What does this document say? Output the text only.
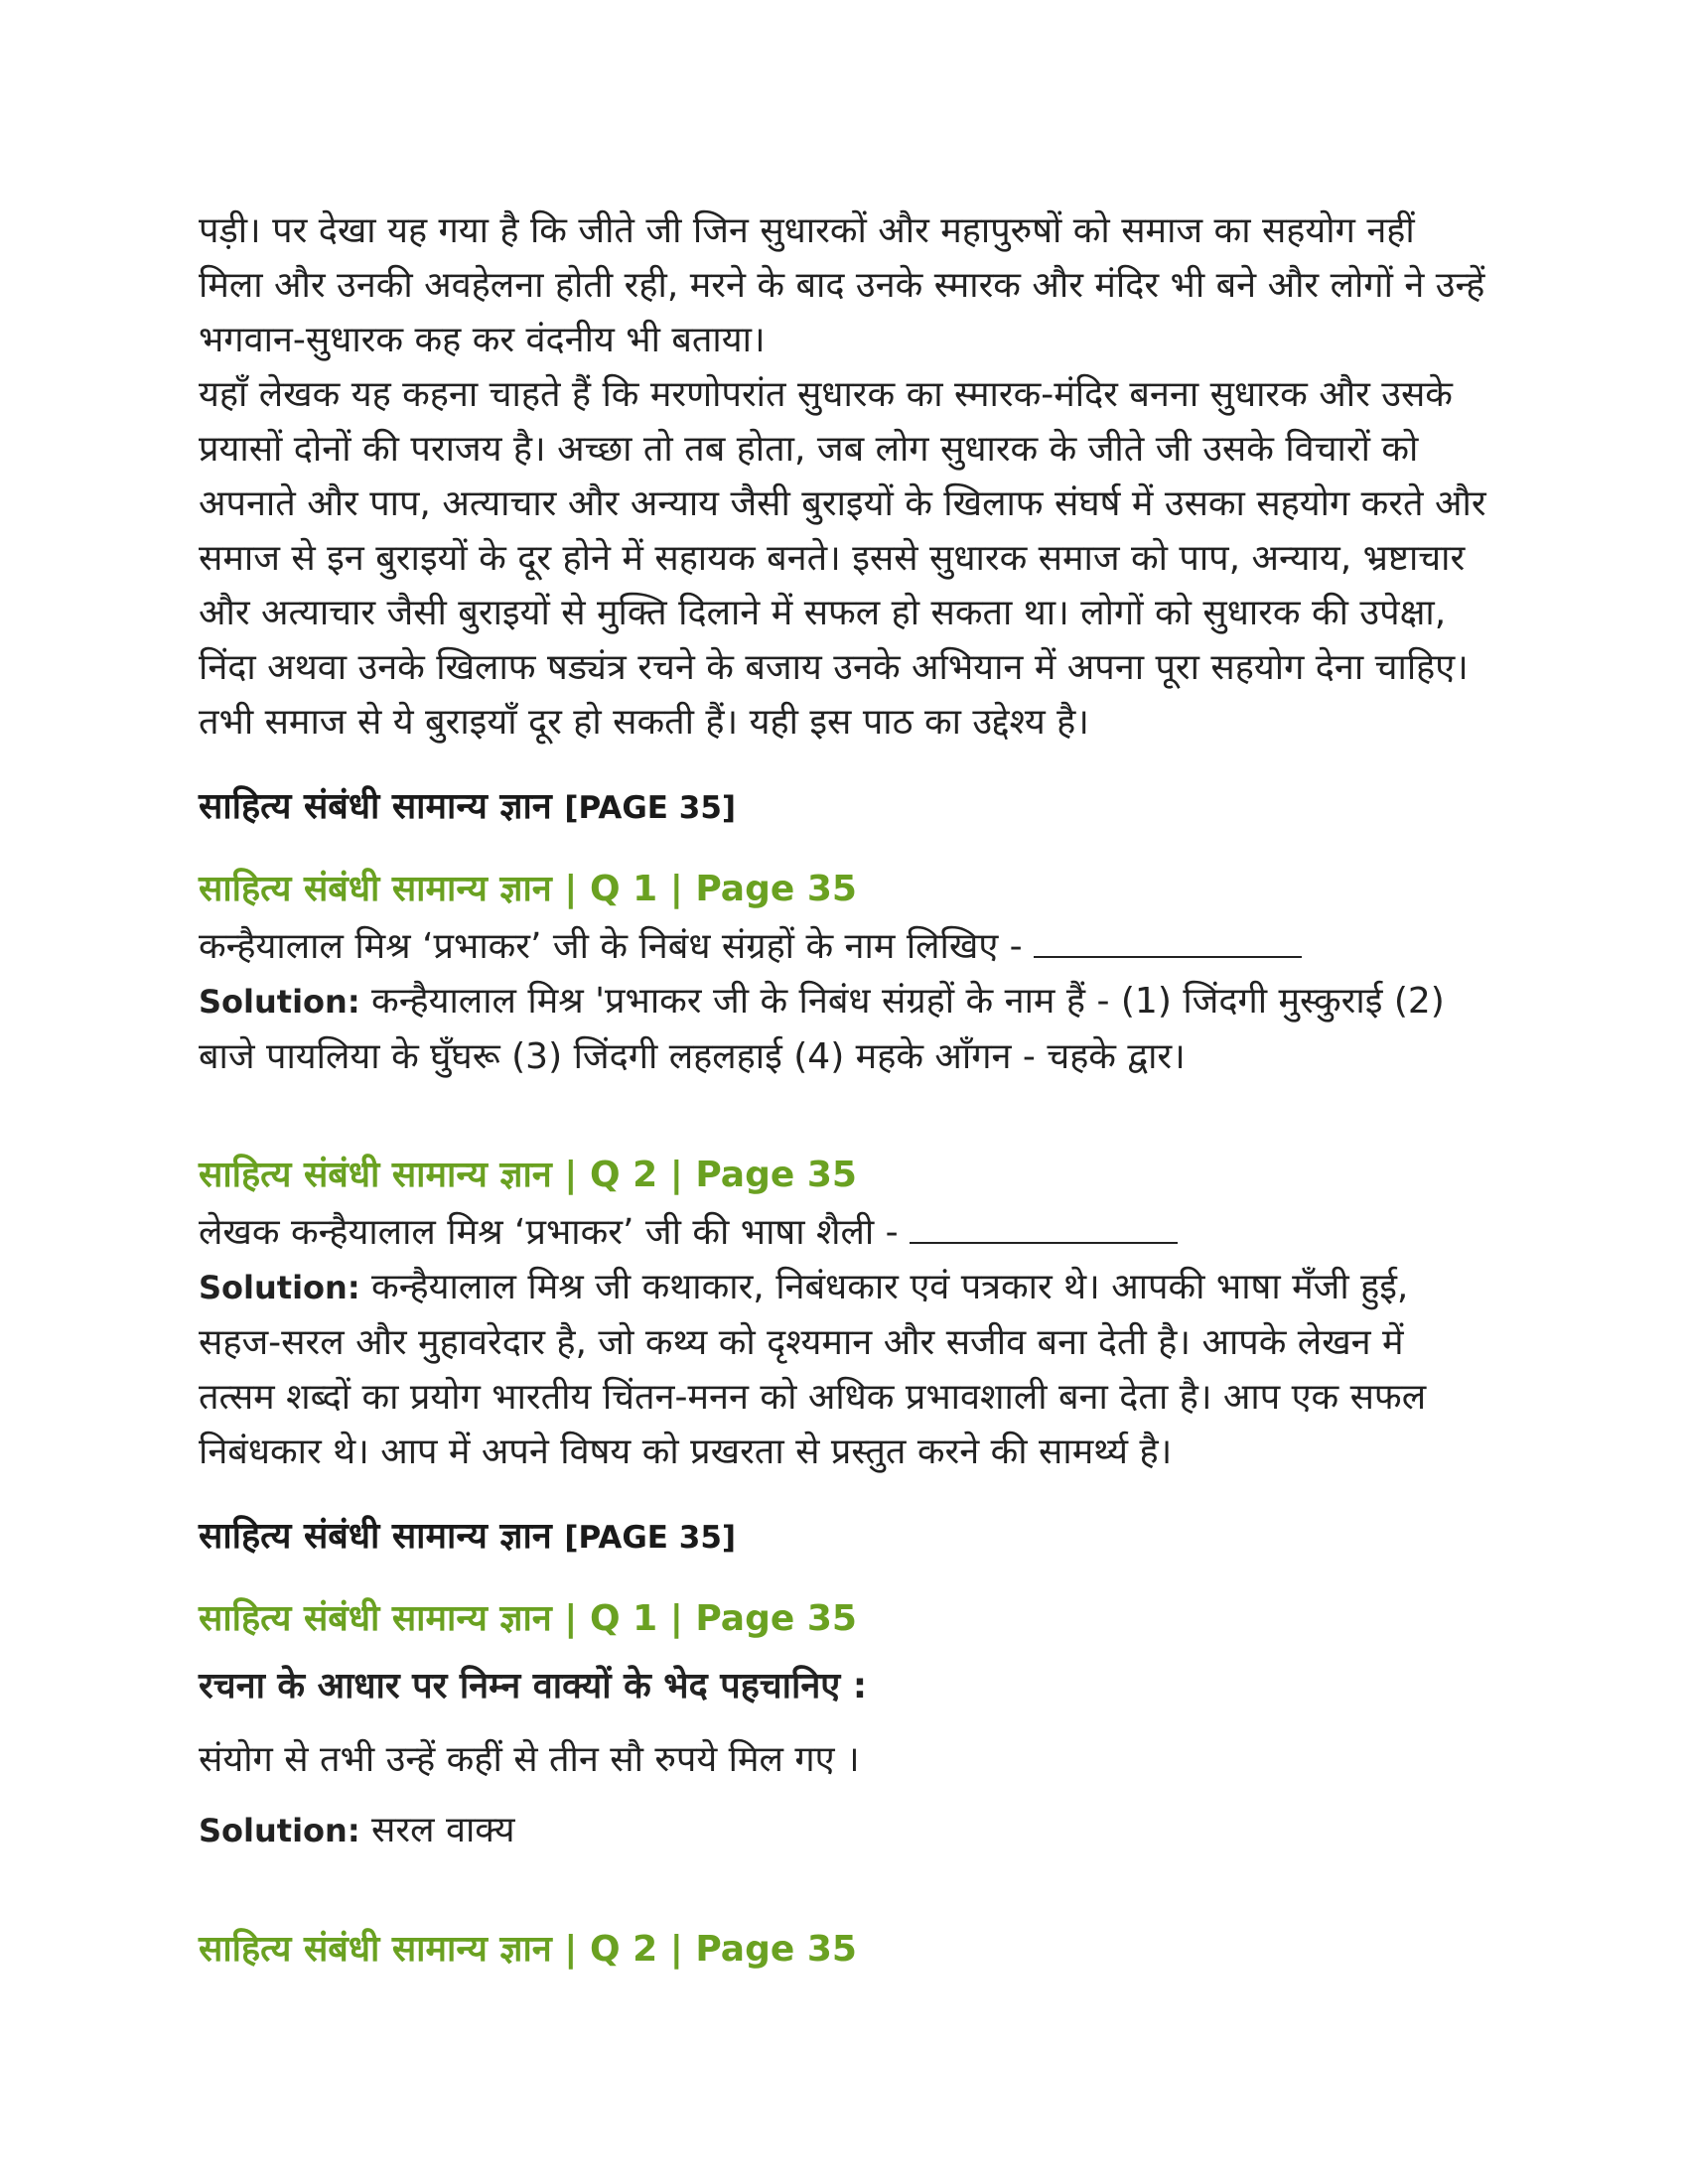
पड़ी। पर देखा यह गया है कि जीते जी जिन सुधारकों और महापुरुषों को समाज का सहयोग नहीं मिला और उनकी अवहेलना होती रही, मरने के बाद उनके स्मारक और मंदिर भी बने और लोगों ने उन्हें भगवान-सुधारक कह कर वंदनीय भी बताया।

यहाँ लेखक यह कहना चाहते हैं कि मरणोपरांत सुधारक का स्मारक-मंदिर बनना सुधारक और उसके प्रयासों दोनों की पराजय है। अच्छा तो तब होता, जब लोग सुधारक के जीते जी उसके विचारों को अपनाते और पाप, अत्याचार और अन्याय जैसी बुराइयों के खिलाफ संघर्ष में उसका सहयोग करते और समाज से इन बुराइयों के दूर होने में सहायक बनते। इससे सुधारक समाज को पाप, अन्याय, भ्रष्टाचार और अत्याचार जैसी बुराइयों से मुक्ति दिलाने में सफल हो सकता था। लोगों को सुधारक की उपेक्षा, निंदा अथवा उनके खिलाफ षड्यंत्र रचने के बजाय उनके अभियान में अपना पूरा सहयोग देना चाहिए। तभी समाज से ये बुराइयाँ दूर हो सकती हैं। यही इस पाठ का उद्देश्य है।

साहित्य संबंधी सामान्य ज्ञान [PAGE 35]
साहित्य संबंधी सामान्य ज्ञान | Q 1 | Page 35

कन्हैयालाल मिश्र ‘प्रभाकर’ जी के निबंध संग्रहों के नाम लिखिए -

Solution: कन्हैयालाल मिश्र 'प्रभाकर जी के निबंध संग्रहों के नाम हैं - (1) जिंदगी मुस्कुराई (2) बाजे पायलिया के घुँघरू (3) जिंदगी लहलहाई (4) महके आँगन - चहके द्वार।

साहित्य संबंधी सामान्य ज्ञान | Q 2 | Page 35

लेखक कन्हैयालाल मिश्र ‘प्रभाकर’ जी की भाषा शैली -

Solution: कन्हैयालाल मिश्र जी कथाकार, निबंधकार एवं पत्रकार थे। आपकी भाषा मँजी हुई, सहज-सरल और मुहावरेदार है, जो कथ्य को दृश्यमान और सजीव बना देती है। आपके लेखन में तत्सम शब्दों का प्रयोग भारतीय चिंतन-मनन को अधिक प्रभावशाली बना देता है। आप एक सफल निबंधकार थे। आप में अपने विषय को प्रखरता से प्रस्तुत करने की सामर्थ्य है।

साहित्य संबंधी सामान्य ज्ञान [PAGE 35]
साहित्य संबंधी सामान्य ज्ञान | Q 1 | Page 35
रचना के आधार पर निम्न वाक्यों के भेद पहचानिए :

संयोग से तभी उन्हें कहीं से तीन सौ रुपये मिल गए ।

Solution: सरल वाक्य

साहित्य संबंधी सामान्य ज्ञान | Q 2 | Page 35
